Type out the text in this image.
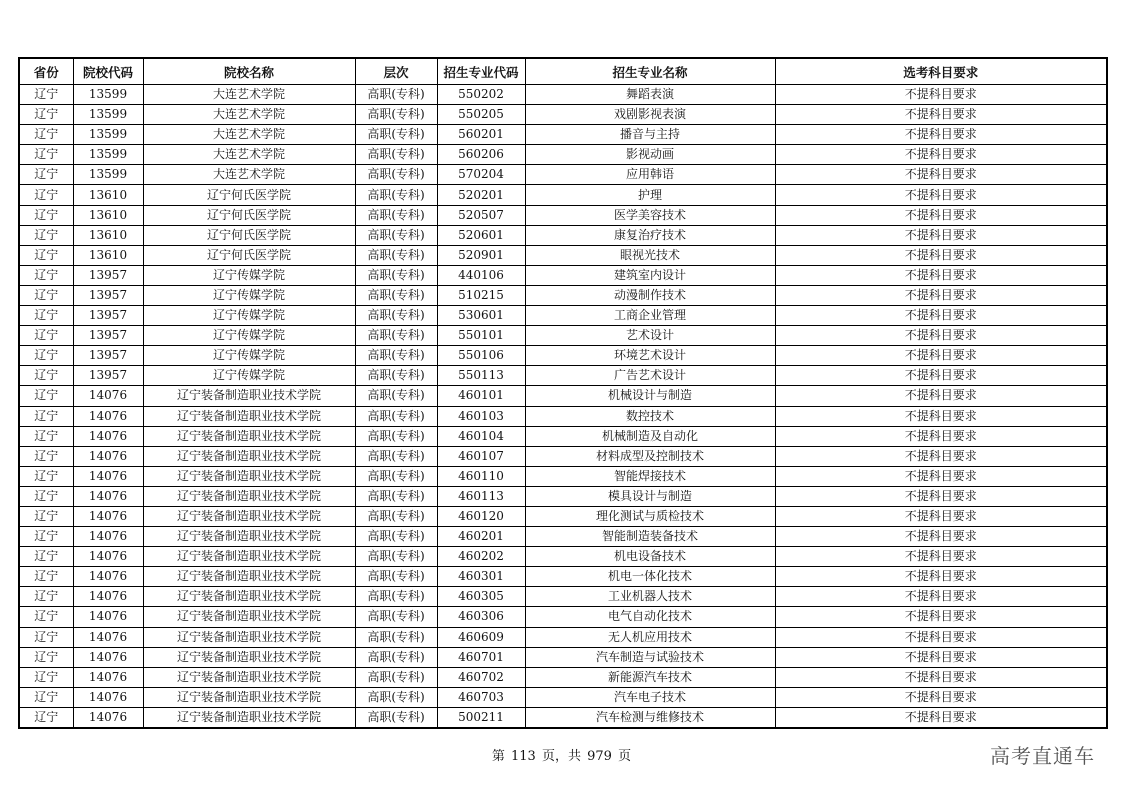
省份	院校代码	院校名称	层次	招生专业代码	招生专业名称	选考科目要求
辽宁	13599	大连艺术学院	高职(专科)	550202	舞蹈表演	不提科目要求
辽宁	13599	大连艺术学院	高职(专科)	550205	戏剧影视表演	不提科目要求
辽宁	13599	大连艺术学院	高职(专科)	560201	播音与主持	不提科目要求
辽宁	13599	大连艺术学院	高职(专科)	560206	影视动画	不提科目要求
辽宁	13599	大连艺术学院	高职(专科)	570204	应用韩语	不提科目要求
辽宁	13610	辽宁何氏医学院	高职(专科)	520201	护理	不提科目要求
辽宁	13610	辽宁何氏医学院	高职(专科)	520507	医学美容技术	不提科目要求
辽宁	13610	辽宁何氏医学院	高职(专科)	520601	康复治疗技术	不提科目要求
辽宁	13610	辽宁何氏医学院	高职(专科)	520901	眼视光技术	不提科目要求
辽宁	13957	辽宁传媒学院	高职(专科)	440106	建筑室内设计	不提科目要求
辽宁	13957	辽宁传媒学院	高职(专科)	510215	动漫制作技术	不提科目要求
辽宁	13957	辽宁传媒学院	高职(专科)	530601	工商企业管理	不提科目要求
辽宁	13957	辽宁传媒学院	高职(专科)	550101	艺术设计	不提科目要求
辽宁	13957	辽宁传媒学院	高职(专科)	550106	环境艺术设计	不提科目要求
辽宁	13957	辽宁传媒学院	高职(专科)	550113	广告艺术设计	不提科目要求
辽宁	14076	辽宁装备制造职业技术学院	高职(专科)	460101	机械设计与制造	不提科目要求
辽宁	14076	辽宁装备制造职业技术学院	高职(专科)	460103	数控技术	不提科目要求
辽宁	14076	辽宁装备制造职业技术学院	高职(专科)	460104	机械制造及自动化	不提科目要求
辽宁	14076	辽宁装备制造职业技术学院	高职(专科)	460107	材料成型及控制技术	不提科目要求
辽宁	14076	辽宁装备制造职业技术学院	高职(专科)	460110	智能焊接技术	不提科目要求
辽宁	14076	辽宁装备制造职业技术学院	高职(专科)	460113	模具设计与制造	不提科目要求
辽宁	14076	辽宁装备制造职业技术学院	高职(专科)	460120	理化测试与质检技术	不提科目要求
辽宁	14076	辽宁装备制造职业技术学院	高职(专科)	460201	智能制造装备技术	不提科目要求
辽宁	14076	辽宁装备制造职业技术学院	高职(专科)	460202	机电设备技术	不提科目要求
辽宁	14076	辽宁装备制造职业技术学院	高职(专科)	460301	机电一体化技术	不提科目要求
辽宁	14076	辽宁装备制造职业技术学院	高职(专科)	460305	工业机器人技术	不提科目要求
辽宁	14076	辽宁装备制造职业技术学院	高职(专科)	460306	电气自动化技术	不提科目要求
辽宁	14076	辽宁装备制造职业技术学院	高职(专科)	460609	无人机应用技术	不提科目要求
辽宁	14076	辽宁装备制造职业技术学院	高职(专科)	460701	汽车制造与试验技术	不提科目要求
辽宁	14076	辽宁装备制造职业技术学院	高职(专科)	460702	新能源汽车技术	不提科目要求
辽宁	14076	辽宁装备制造职业技术学院	高职(专科)	460703	汽车电子技术	不提科目要求
辽宁	14076	辽宁装备制造职业技术学院	高职(专科)	500211	汽车检测与维修技术	不提科目要求
第 113 页，共 979 页	高考直通车
